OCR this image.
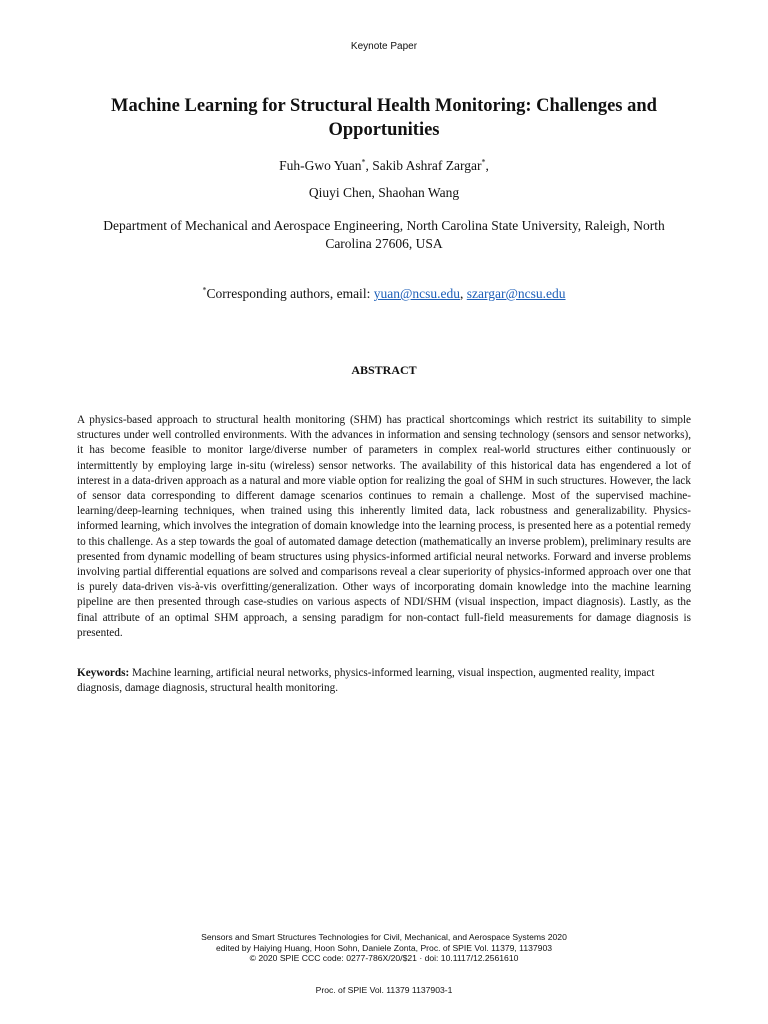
Keynote Paper
Machine Learning for Structural Health Monitoring: Challenges and Opportunities
Fuh-Gwo Yuan*, Sakib Ashraf Zargar*,
Qiuyi Chen, Shaohan Wang
Department of Mechanical and Aerospace Engineering, North Carolina State University, Raleigh, North Carolina 27606, USA
*Corresponding authors, email: yuan@ncsu.edu, szargar@ncsu.edu
ABSTRACT

A physics-based approach to structural health monitoring (SHM) has practical shortcomings which restrict its suitability to simple structures under well controlled environments. With the advances in information and sensing technology (sensors and sensor networks), it has become feasible to monitor large/diverse number of parameters in complex real-world structures either continuously or intermittently by employing large in-situ (wireless) sensor networks. The availability of this historical data has engendered a lot of interest in a data-driven approach as a natural and more viable option for realizing the goal of SHM in such structures. However, the lack of sensor data corresponding to different damage scenarios continues to remain a challenge. Most of the supervised machine-learning/deep-learning techniques, when trained using this inherently limited data, lack robustness and generalizability. Physics-informed learning, which involves the integration of domain knowledge into the learning process, is presented here as a potential remedy to this challenge. As a step towards the goal of automated damage detection (mathematically an inverse problem), preliminary results are presented from dynamic modelling of beam structures using physics-informed artificial neural networks. Forward and inverse problems involving partial differential equations are solved and comparisons reveal a clear superiority of physics-informed approach over one that is purely data-driven vis-à-vis overfitting/generalization. Other ways of incorporating domain knowledge into the machine learning pipeline are then presented through case-studies on various aspects of NDI/SHM (visual inspection, impact diagnosis). Lastly, as the final attribute of an optimal SHM approach, a sensing paradigm for non-contact full-field measurements for damage diagnosis is presented.

Keywords: Machine learning, artificial neural networks, physics-informed learning, visual inspection, augmented reality, impact diagnosis, damage diagnosis, structural health monitoring.

Sensors and Smart Structures Technologies for Civil, Mechanical, and Aerospace Systems 2020
edited by Haiying Huang, Hoon Sohn, Daniele Zonta, Proc. of SPIE Vol. 11379, 1137903
© 2020 SPIE CCC code: 0277-786X/20/$21 · doi: 10.1117/12.2561610
Proc. of SPIE Vol. 11379 1137903-1
